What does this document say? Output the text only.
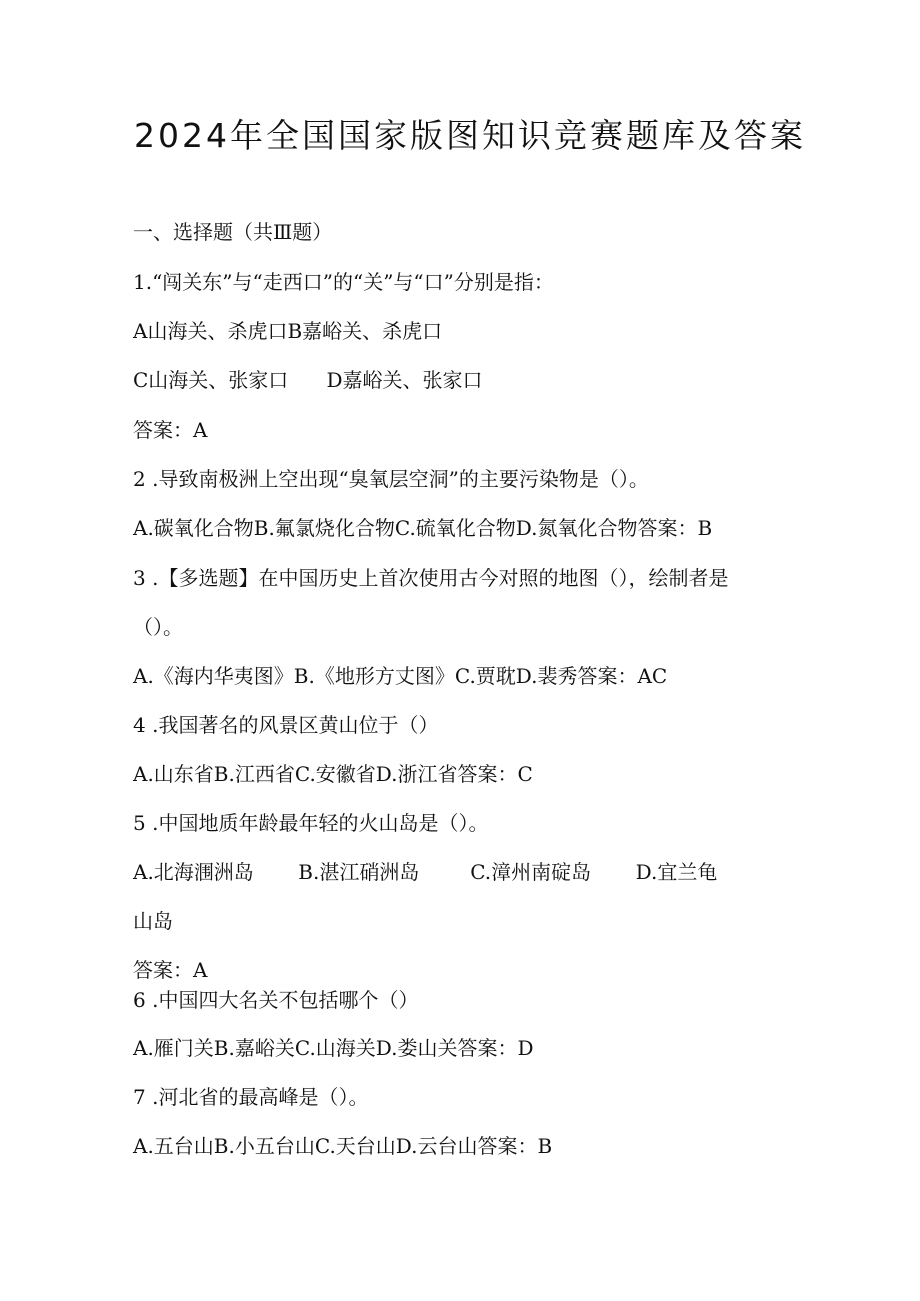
2024年全国国家版图知识竞赛题库及答案
一、选择题（共Ⅲ题）
1.“闯关东”与“走西口”的“关”与“口”分别是指：
A山海关、杀虎口B嘉峪关、杀虎口
C山海关、张家口      D嘉峪关、张家口
答案：A
2 .导致南极洲上空出现“臭氧层空洞”的主要污染物是（）。
A.碳氧化合物B.氟氯烧化合物C.硫氧化合物D.氮氧化合物答案：B
3 .【多选题】在中国历史上首次使用古今对照的地图（），绘制者是
（）。
A.《海内华夷图》B.《地形方丈图》C.贾耽D.裴秀答案：AC
4 .我国著名的风景区黄山位于（）
A.山东省B.江西省C.安徽省D.浙江省答案：C
5 .中国地质年龄最年轻的火山岛是（）。
A.北海涠洲岛       B.湛江硝洲岛        C.漳州南碇岛       D.宜兰龟
山岛
答案：A
6 .中国四大名关不包括哪个（）
A.雁门关B.嘉峪关C.山海关D.娄山关答案：D
7 .河北省的最高峰是（）。
A.五台山B.小五台山C.天台山D.云台山答案：B
